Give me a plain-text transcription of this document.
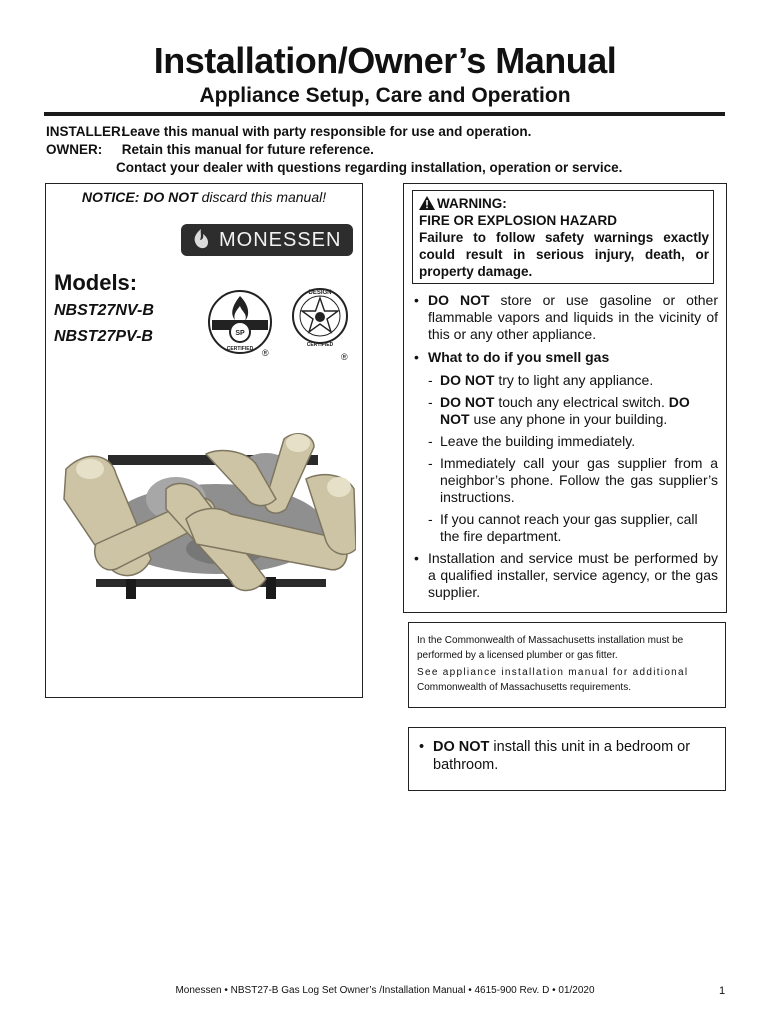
Installation/Owner’s Manual
Appliance Setup, Care and Operation
INSTALLER: Leave this manual with party responsible for use and operation.
OWNER: Retain this manual for future reference.
Contact your dealer with questions regarding installation, operation or service.
NOTICE: DO NOT discard this manual!
MONESSEN
Models:
NBST27NV-B
NBST27PV-B	SP
CERTIFIED ®
DESIGN
CERTIFIED
®
WARNING:
FIRE OR EXPLOSION HAZARD
Failure to follow safety warnings exactly could result in serious injury, death, or property damage.
• DO NOT store or use gasoline or other flammable vapors and liquids in the vicinity of this or any other appliance.
• What to do if you smell gas
- DO NOT try to light any appliance.
- DO NOT touch any electrical switch. DO NOT use any phone in your building.
- Leave the building immediately.
- Immediately call your gas supplier from a neighbor’s phone. Follow the gas supplier’s instructions.
- If you cannot reach your gas supplier, call the fire department.
• Installation and service must be performed by a qualified installer, service agency, or the gas supplier.
In the Commonwealth of Massachusetts installation must be performed by a licensed plumber or gas fitter.
See appliance installation manual for additional
Commonwealth of Massachusetts requirements.
• DO NOT install this unit in a bedroom or bathroom.
Monessen • NBST27-B Gas Log Set Owner’s /Installation Manual • 4615-900 Rev. D • 01/2020	1
